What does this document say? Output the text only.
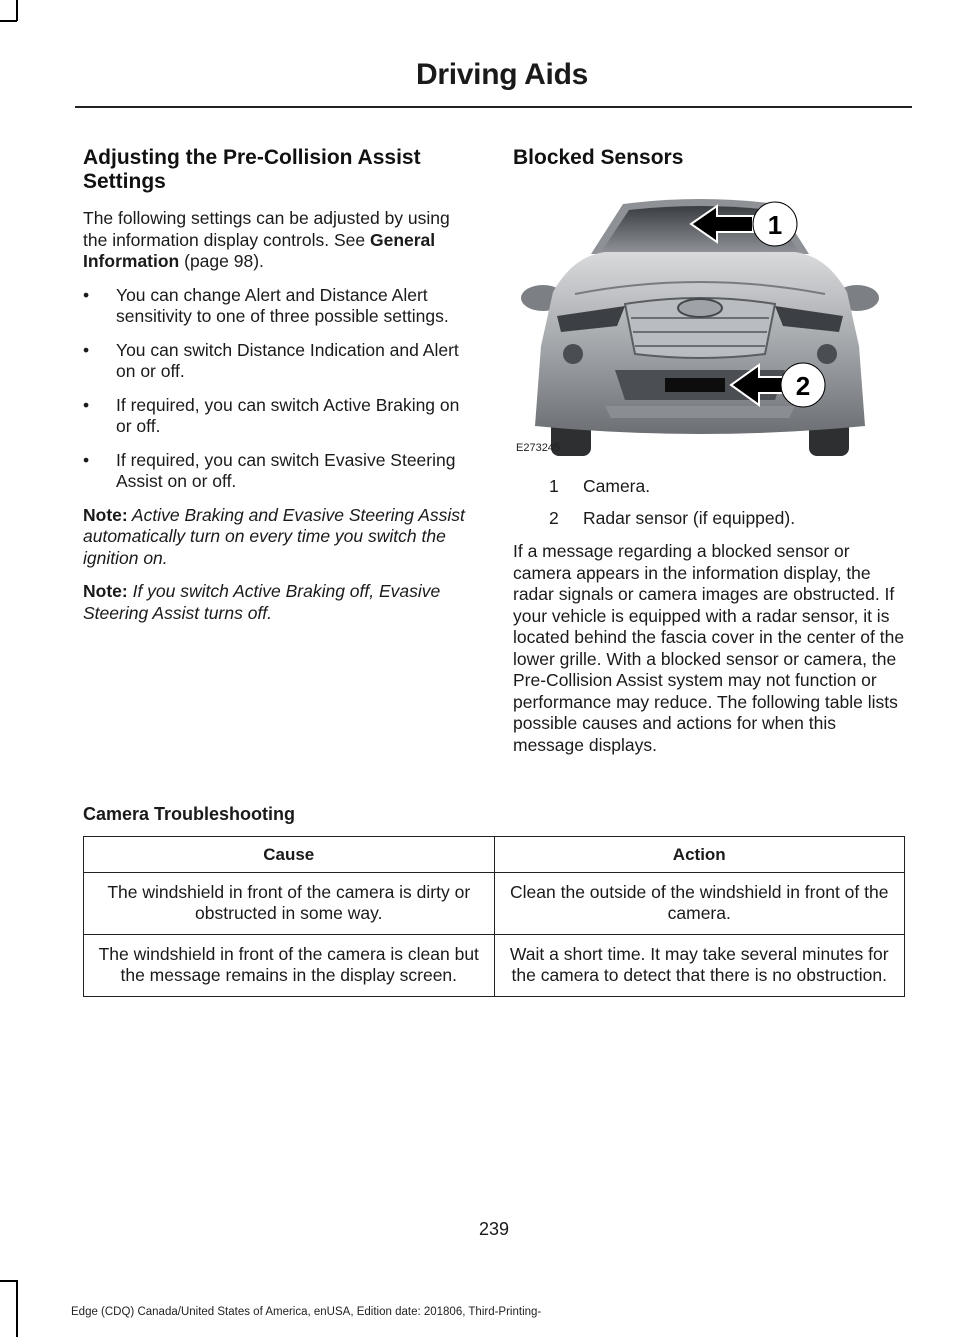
Driving Aids
Adjusting the Pre-Collision Assist Settings

The following settings can be adjusted by using the information display controls. See General Information (page 98).

• You can change Alert and Distance Alert sensitivity to one of three possible settings.
• You can switch Distance Indication and Alert on or off.
• If required, you can switch Active Braking on or off.
• If required, you can switch Evasive Steering Assist on or off.

Note: Active Braking and Evasive Steering Assist automatically turn on every time you switch the ignition on.

Note: If you switch Active Braking off, Evasive Steering Assist turns off.

Blocked Sensors
1
2
E273245
1	Camera.
2	Radar sensor (if equipped).

If a message regarding a blocked sensor or camera appears in the information display, the radar signals or camera images are obstructed. If your vehicle is equipped with a radar sensor, it is located behind the fascia cover in the center of the lower grille. With a blocked sensor or camera, the Pre-Collision Assist system may not function or performance may reduce. The following table lists possible causes and actions for when this message displays.

Camera Troubleshooting
Cause	Action
The windshield in front of the camera is dirty or obstructed in some way.	Clean the outside of the windshield in front of the camera.
The windshield in front of the camera is clean but the message remains in the display screen.	Wait a short time. It may take several minutes for the camera to detect that there is no obstruction.
239
Edge (CDQ) Canada/United States of America, enUSA, Edition date: 201806, Third-Printing-
